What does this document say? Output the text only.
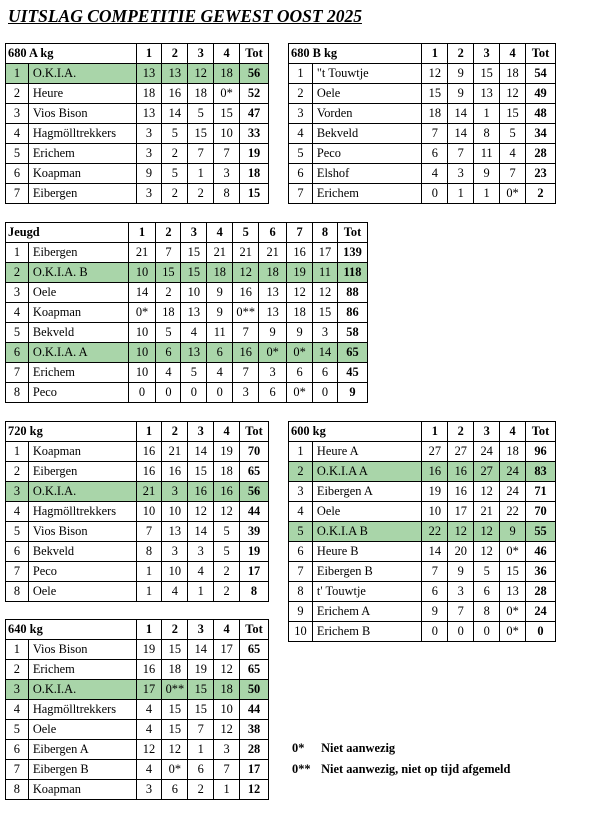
UITSLAG COMPETITIE GEWEST OOST 2025
680 A kg		1	2	3	4	Tot
1	O.K.I.A.	13	13	12	18	56
2	Heure	18	16	18	0*	52
3	Vios Bison	13	14	5	15	47
4	Hagmölltrekkers	3	5	15	10	33
5	Erichem	3	2	7	7	19
6	Koapman	9	5	1	3	18
7	Eibergen	3	2	2	8	15
680 B kg		1	2	3	4	Tot
1	"t Touwtje	12	9	15	18	54
2	Oele	15	9	13	12	49
3	Vorden	18	14	1	15	48
4	Bekveld	7	14	8	5	34
5	Peco	6	7	11	4	28
6	Elshof	4	3	9	7	23
7	Erichem	0	1	1	0*	2
Jeugd		1	2	3	4	5	6	7	8	Tot
1	Eibergen	21	7	15	21	21	21	16	17	139
2	O.K.I.A. B	10	15	15	18	12	18	19	11	118
3	Oele	14	2	10	9	16	13	12	12	88
4	Koapman	0*	18	13	9	0**	13	18	15	86
5	Bekveld	10	5	4	11	7	9	9	3	58
6	O.K.I.A. A	10	6	13	6	16	0*	0*	14	65
7	Erichem	10	4	5	4	7	3	6	6	45
8	Peco	0	0	0	0	3	6	0*	0	9
720 kg		1	2	3	4	Tot
1	Koapman	16	21	14	19	70
2	Eibergen	16	16	15	18	65
3	O.K.I.A.	21	3	16	16	56
4	Hagmölltrekkers	10	10	12	12	44
5	Vios Bison	7	13	14	5	39
6	Bekveld	8	3	3	5	19
7	Peco	1	10	4	2	17
8	Oele	1	4	1	2	8
600 kg		1	2	3	4	Tot
1	Heure A	27	27	24	18	96
2	O.K.I.A A	16	16	27	24	83
3	Eibergen A	19	16	12	24	71
4	Oele	10	17	21	22	70
5	O.K.I.A B	22	12	12	9	55
6	Heure B	14	20	12	0*	46
7	Eibergen B	7	9	5	15	36
8	t' Touwtje	6	3	6	13	28
9	Erichem A	9	7	8	0*	24
10	Erichem B	0	0	0	0*	0
640 kg		1	2	3	4	Tot
1	Vios Bison	19	15	14	17	65
2	Erichem	16	18	19	12	65
3	O.K.I.A.	17	0**	15	18	50
4	Hagmölltrekkers	4	15	15	10	44
5	Oele	4	15	7	12	38
6	Eibergen A	12	12	1	3	28
7	Eibergen B	4	0*	6	7	17
8	Koapman	3	6	2	1	12
0* Niet aanwezig
0** Niet aanwezig, niet op tijd afgemeld
